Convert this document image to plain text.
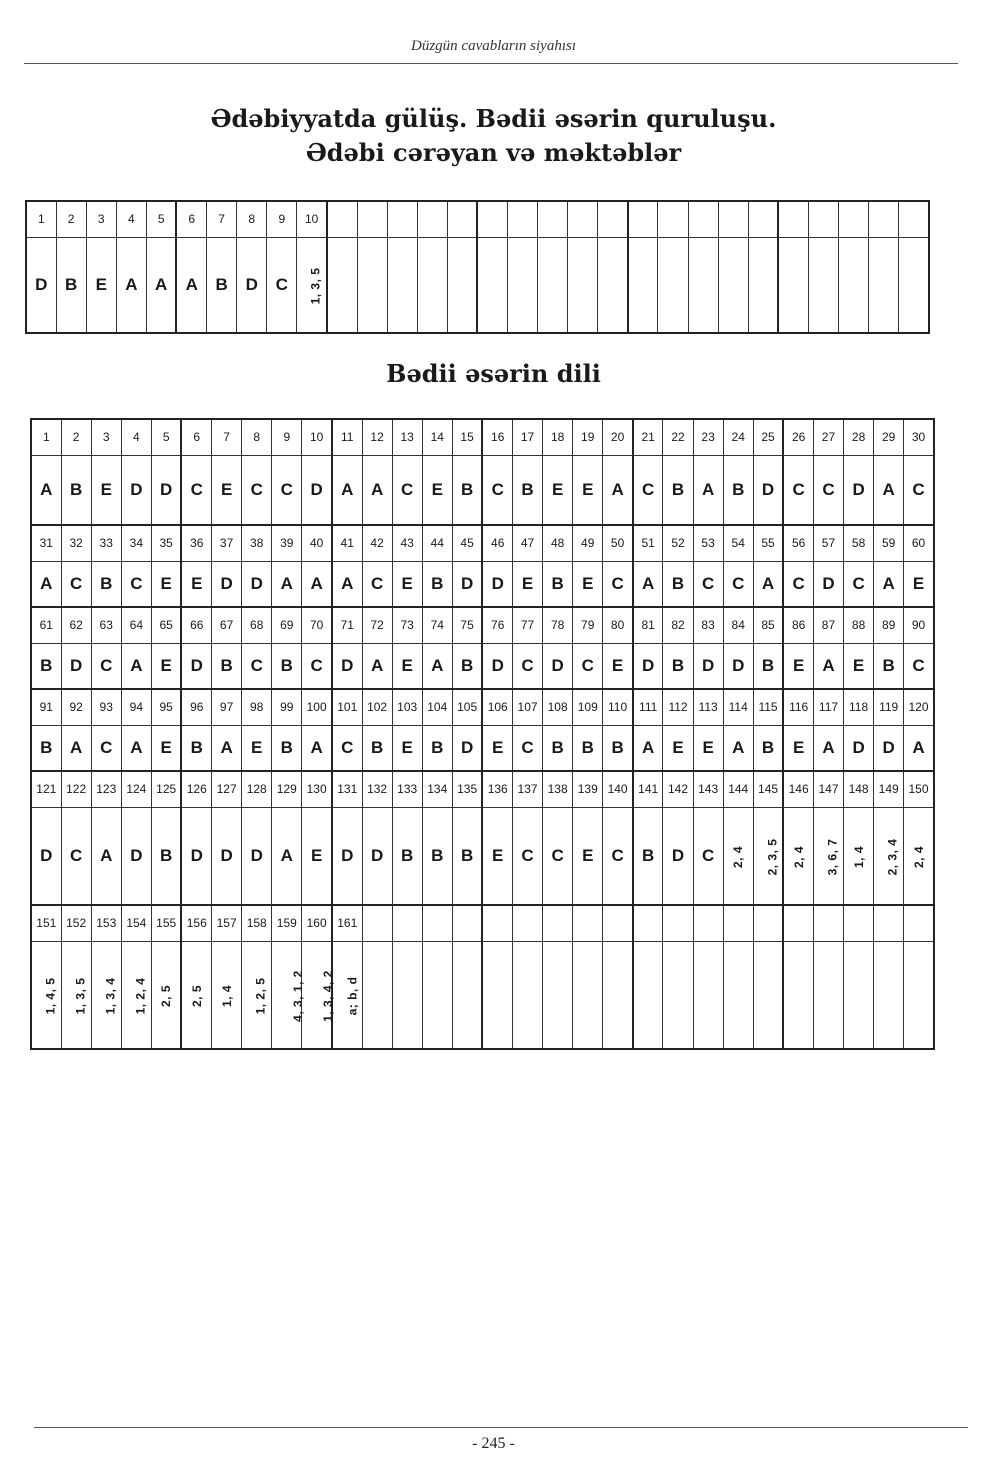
Düzgün cavabların siyahısı
Ədəbiyyatda gülüş. Bədii əsərin quruluşu.
Ədəbi cərəyan və məktəblər
1	2	3	4	5	6	7	8	9	10																				
D	B	E	A	A	A	B	D	C	1, 3, 5																				
Bədii əsərin dili
1	2	3	4	5	6	7	8	9	10	11	12	13	14	15	16	17	18	19	20	21	22	23	24	25	26	27	28	29	30
A	B	E	D	D	C	E	C	C	D	A	A	C	E	B	C	B	E	E	A	C	B	A	B	D	C	C	D	A	C
31	32	33	34	35	36	37	38	39	40	41	42	43	44	45	46	47	48	49	50	51	52	53	54	55	56	57	58	59	60
A	C	B	C	E	E	D	D	A	A	A	C	E	B	D	D	E	B	E	C	A	B	C	C	A	C	D	C	A	E
61	62	63	64	65	66	67	68	69	70	71	72	73	74	75	76	77	78	79	80	81	82	83	84	85	86	87	88	89	90
B	D	C	A	E	D	B	C	B	C	D	A	E	A	B	D	C	D	C	E	D	B	D	D	B	E	A	E	B	C
91	92	93	94	95	96	97	98	99	100	101	102	103	104	105	106	107	108	109	110	111	112	113	114	115	116	117	118	119	120
B	A	C	A	E	B	A	E	B	A	C	B	E	B	D	E	C	B	B	B	A	E	E	A	B	E	A	D	D	A
121	122	123	124	125	126	127	128	129	130	131	132	133	134	135	136	137	138	139	140	141	142	143	144	145	146	147	148	149	150
D	C	A	D	B	D	D	D	A	E	D	D	B	B	B	E	C	C	E	C	B	D	C	2, 4	2, 3, 5	2, 4	3, 6, 7	1, 4	2, 3, 4	2, 4
151	152	153	154	155	156	157	158	159	160	161																			
1, 4, 5	1, 3, 5	1, 3, 4	1, 2, 4	2, 5	2, 5	1, 4	1, 2, 5	4, 3, 1, 2	1, 3, 4, 2	a; b, d																			
- 245 -
